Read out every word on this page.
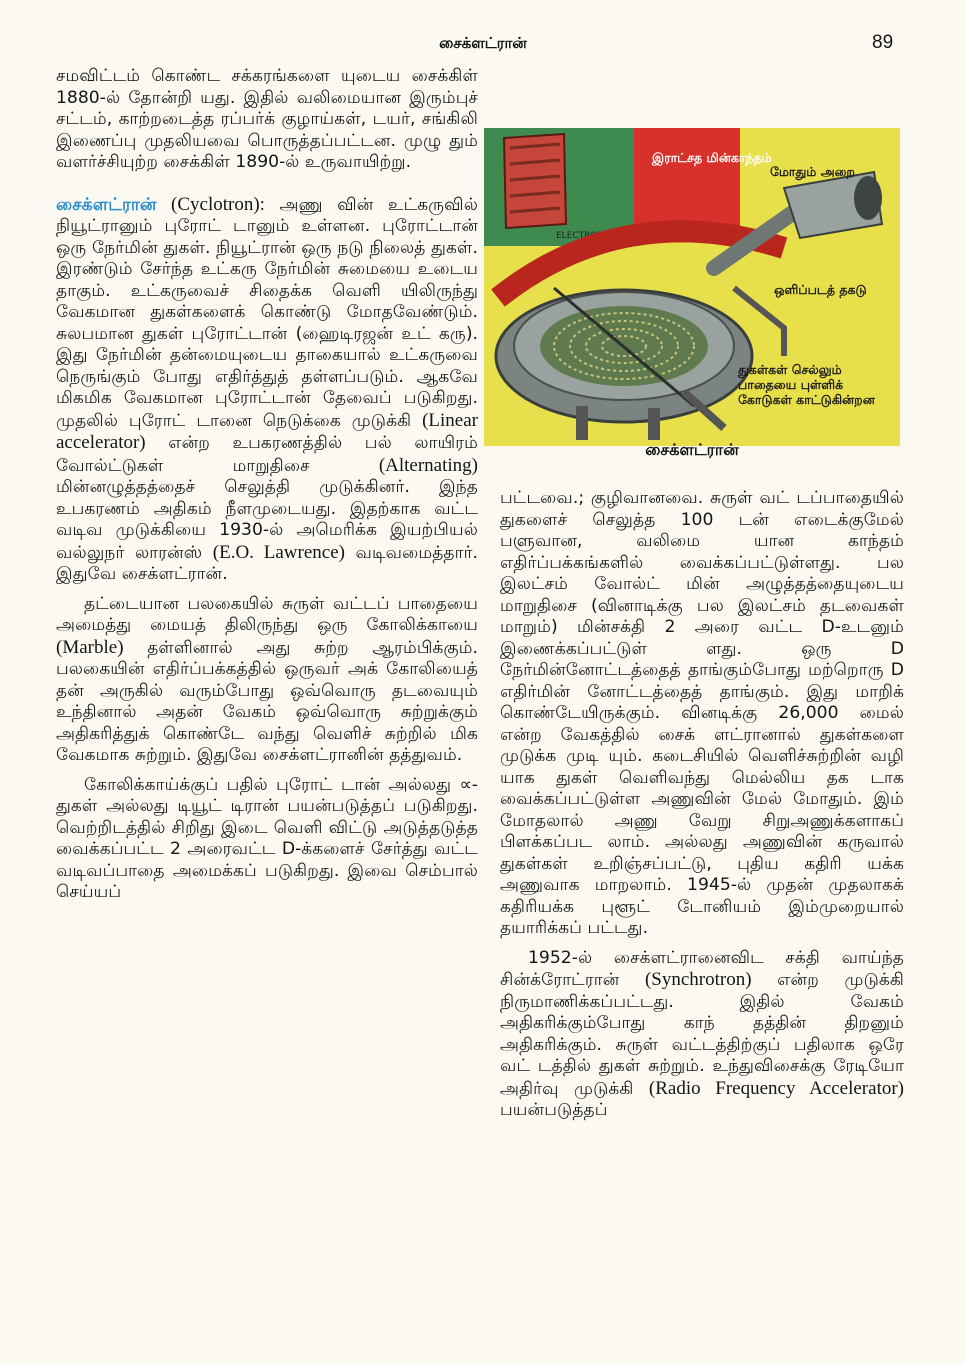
சைக்ளட்ரான்	89

சமவிட்டம் கொண்ட சக்கரங்களை யுடைய சைக்கிள் 1880-ல் தோன்றி யது. இதில் வலிமையான இரும்புச் சட்டம், காற்றடைத்த ரப்பர்க் குழாய்கள், டயர், சங்கிலி இணைப்பு முதலியவை பொருத்தப்பட்டன. முழு தும் வளர்ச்சியுற்ற சைக்கிள் 1890-ல் உருவாயிற்று.

சைக்ளட்ரான் (Cyclotron): அணு வின் உட்கருவில் நியூட்ரானும் புரோட் டானும் உள்ளன. புரோட்டான் ஒரு நேர்மின் துகள். நியூட்ரான் ஒரு நடு நிலைத் துகள். இரண்டும் சேர்ந்த உட்கரு நேர்மின் சுமையை உடைய தாகும். உட்கருவைச் சிதைக்க வெளி யிலிருந்து வேகமான துகள்களைக் கொண்டு மோதவேண்டும். சுலபமான துகள் புரோட்டான் (ஹைடிரஜன் உட் கரு). இது நேர்மின் தன்மையுடைய தாகையால் உட்கருவை நெருங்கும் போது எதிர்த்துத் தள்ளப்படும். ஆகவே மிகமிக வேகமான புரோட்டான் தேவைப் படுகிறது. முதலில் புரோட் டானை நெடுக்கை முடுக்கி (Linear accelerator) என்ற உபகரணத்தில் பல் லாயிரம் வோல்ட்டுகள் மாறுதிசை	(Alternating) மின்னழுத்தத்தைச் செலுத்தி முடுக்கினர். இந்த உபகரணம் அதிகம் நீளமுடையது. இதற்காக வட்ட வடிவ முடுக்கியை 1930-ல் அமெரிக்க இயற்பியல் வல்லுநர் லாரன்ஸ் (E.O. Lawrence) வடிவமைத்தார். இதுவே சைக்ளட்ரான்.

தட்டையான பலகையில் சுருள் வட்டப் பாதையை அமைத்து மையத் திலிருந்து ஒரு கோலிக்காயை (Marble) தள்ளினால் அது சுற்ற ஆரம்பிக்கும். பலகையின் எதிர்ப்பக்கத்தில் ஒருவர் அக் கோலியைத் தன் அருகில் வரும்போது ஒவ்வொரு தடவையும் உந்தினால் அதன் வேகம் ஒவ்வொரு சுற்றுக்கும் அதிகரித்துக் கொண்டே வந்து வெளிச் சுற்றில் மிக வேகமாக சுற்றும். இதுவே சைக்ளட்ரானின் தத்துவம்.

கோலிக்காய்க்குப் பதில் புரோட் டான் அல்லது ∝-துகள் அல்லது டியூட் டிரான் பயன்படுத்தப் படுகிறது. வெற்றிடத்தில் சிறிது இடை வெளி விட்டு அடுத்தடுத்த வைக்கப்பட்ட 2 அரைவட்ட D-க்களைச் சேர்த்து வட்ட வடிவப்பாதை அமைக்கப் படுகிறது. இவை செம்பால் செய்யப்

ELECTROMAGNET
இராட்சத மின்காந்தம்
மோதும் அறை
ஒளிப்படத் தகடு
துகள்கள் செல்லும் பாதையை புள்ளிக் கோடுகள் காட்டுகின்றன
சைக்ளட்ரான்

பட்டவை.; குழிவானவை. சுருள் வட் டப்பாதையில் துகளைச் செலுத்த 100 டன் எடைக்குமேல் பளுவான, வலிமை யான காந்தம் எதிர்ப்பக்கங்களில் வைக்கப்பட்டுள்ளது. பல இலட்சம் வோல்ட் மின் அழுத்தத்தையுடைய மாறுதிசை (வினாடிக்கு பல இலட்சம் தடவைகள் மாறும்) மின்சக்தி 2 அரை வட்ட D-உடனும் இணைக்கப்பட்டுள் ளது. ஒரு D நேர்மின்னோட்டத்தைத் தாங்கும்போது மற்றொரு D எதிர்மின் னோட்டத்தைத் தாங்கும். இது மாறிக் கொண்டேயிருக்கும். வினடிக்கு 26,000 மைல் என்ற வேகத்தில் சைக் ளட்ரானால் துகள்களை முடுக்க முடி யும். கடைசியில் வெளிச்சுற்றின் வழி யாக துகள் வெளிவந்து மெல்லிய தக டாக வைக்கப்பட்டுள்ள அணுவின் மேல் மோதும். இம் மோதலால் அணு வேறு சிறுஅணுக்களாகப் பிளக்கப்பட லாம். அல்லது அணுவின் கருவால் துகள்கள் உறிஞ்சப்பட்டு, புதிய கதிரி யக்க அணுவாக மாறலாம். 1945-ல் முதன் முதலாகக் கதிரியக்க புளூட் டோனியம் இம்முறையால் தயாரிக்கப் பட்டது.

1952-ல் சைக்ளட்ரானைவிட சக்தி வாய்ந்த சின்க்ரோட்ரான் (Synchrotron) என்ற முடுக்கி நிருமாணிக்கப்பட்டது. இதில் வேகம் அதிகரிக்கும்போது காந் தத்தின் திறனும் அதிகரிக்கும். சுருள் வட்டத்திற்குப் பதிலாக ஒரே வட் டத்தில் துகள் சுற்றும். உந்துவிசைக்கு ரேடியோ அதிர்வு முடுக்கி (Radio Frequency Accelerator) பயன்படுத்தப்
